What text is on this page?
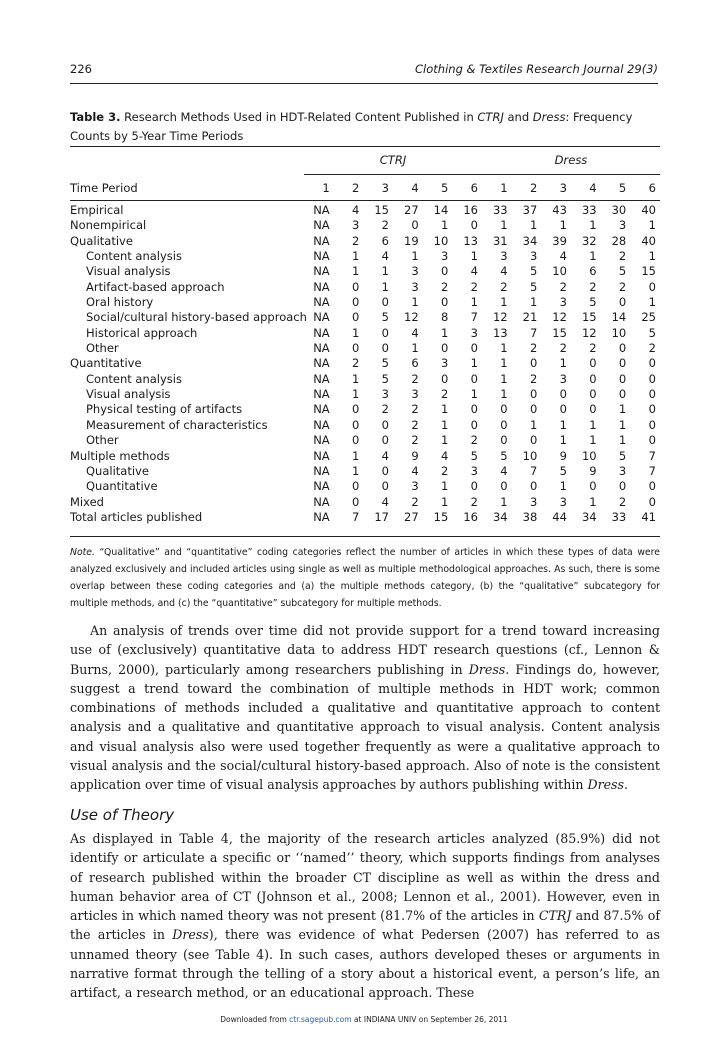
226	Clothing & Textiles Research Journal 29(3)
Table 3. Research Methods Used in HDT-Related Content Published in CTRJ and Dress: Frequency Counts by 5-Year Time Periods
	CTRJ						Dress					
Time Period	1	2	3	4	5	6	1	2	3	4	5	6
Empirical	NA	4	15	27	14	16	33	37	43	33	30	40
Nonempirical	NA	3	2	0	1	0	1	1	1	1	3	1
Qualitative	NA	2	6	19	10	13	31	34	39	32	28	40
Content analysis	NA	1	4	1	3	1	3	3	4	1	2	1
Visual analysis	NA	1	1	3	0	4	4	5	10	6	5	15
Artifact-based approach	NA	0	1	3	2	2	2	5	2	2	2	0
Oral history	NA	0	0	1	0	1	1	1	3	5	0	1
Social/cultural history-based approach	NA	0	5	12	8	7	12	21	12	15	14	25
Historical approach	NA	1	0	4	1	3	13	7	15	12	10	5
Other	NA	0	0	1	0	0	1	2	2	2	0	2
Quantitative	NA	2	5	6	3	1	1	0	1	0	0	0
Content analysis	NA	1	5	2	0	0	1	2	3	0	0	0
Visual analysis	NA	1	3	3	2	1	1	0	0	0	0	0
Physical testing of artifacts	NA	0	2	2	1	0	0	0	0	0	1	0
Measurement of characteristics	NA	0	0	2	1	0	0	1	1	1	1	0
Other	NA	0	0	2	1	2	0	0	1	1	1	0
Multiple methods	NA	1	4	9	4	5	5	10	9	10	5	7
Qualitative	NA	1	0	4	2	3	4	7	5	9	3	7
Quantitative	NA	0	0	3	1	0	0	0	1	0	0	0
Mixed	NA	0	4	2	1	2	1	3	3	1	2	0
Total articles published	NA	7	17	27	15	16	34	38	44	34	33	41
Note. “Qualitative” and “quantitative” coding categories reflect the number of articles in which these types of data were analyzed exclusively and included articles using single as well as multiple methodological approaches. As such, there is some overlap between these coding categories and (a) the multiple methods category, (b) the “qualitative” subcategory for multiple methods, and (c) the “quantitative” subcategory for multiple methods.
An analysis of trends over time did not provide support for a trend toward increasing use of (exclusively) quantitative data to address HDT research questions (cf., Lennon & Burns, 2000), particularly among researchers publishing in Dress. Findings do, however, suggest a trend toward the combination of multiple methods in HDT work; common combinations of methods included a qualitative and quantitative approach to content analysis and a qualitative and quantitative approach to visual analysis. Content analysis and visual analysis also were used together frequently as were a qualitative approach to visual analysis and the social/cultural history-based approach. Also of note is the consistent application over time of visual analysis approaches by authors publishing within Dress.
Use of Theory
As displayed in Table 4, the majority of the research articles analyzed (85.9%) did not identify or articulate a specific or ‘‘named’’ theory, which supports findings from analyses of research published within the broader CT discipline as well as within the dress and human behavior area of CT (Johnson et al., 2008; Lennon et al., 2001). However, even in articles in which named theory was not present (81.7% of the articles in CTRJ and 87.5% of the articles in Dress), there was evidence of what Pedersen (2007) has referred to as unnamed theory (see Table 4). In such cases, authors developed theses or arguments in narrative format through the telling of a story about a historical event, a person’s life, an artifact, a research method, or an educational approach. These
Downloaded from ctr.sagepub.com at INDIANA UNIV on September 26, 2011
